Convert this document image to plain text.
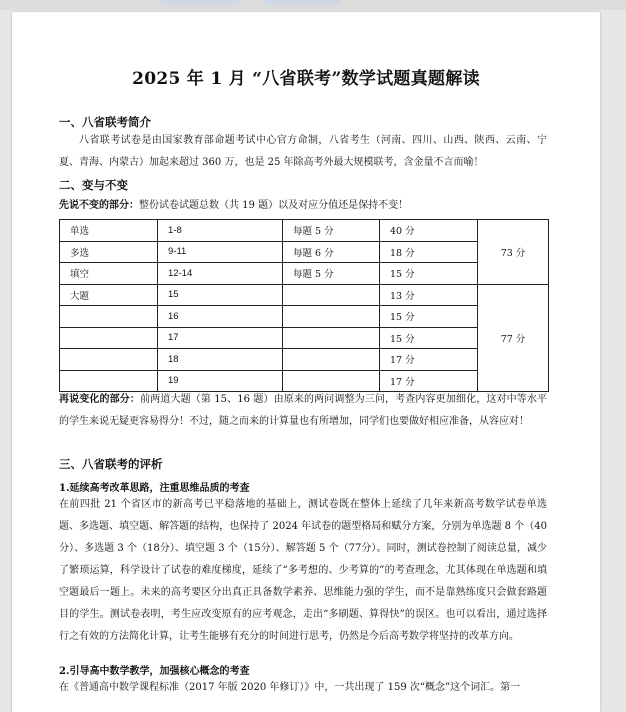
2025 年 1 月 “八省联考”数学试题真题解读
一、八省联考简介
八省联考试卷是由国家教育部命题考试中心官方命制，八省考生（河南、四川、山西、陕西、云南、宁夏、青海、内蒙古）加起来超过 360 万，也是 25 年除高考外最大规模联考，含金量不言而喻！
二、变与不变
先说不变的部分：整份试卷试题总数（共 19 题）以及对应分值还是保持不变！
单选	1-8	每题 5 分	40 分	73 分
多选	9-11	每题 6 分	18 分	
填空	12-14	每题 5 分	15 分	
大题	15		13 分	77 分
	16		15 分	
	17		15 分	
	18		17 分	
	19		17 分	
再说变化的部分：前两道大题（第 15、16 题）由原来的两问调整为三问，考查内容更加细化，这对中等水平的学生来说无疑更容易得分！不过，随之而来的计算量也有所增加，同学们也要做好相应准备，从容应对！
三、八省联考的评析
1.延续高考改革思路，注重思维品质的考查
在前四批 21 个省区市的新高考已平稳落地的基础上，测试卷既在整体上延续了几年来新高考数学试卷单选题、多选题、填空题、解答题的结构，也保持了 2024 年试卷的题型格局和赋分方案，分别为单选题 8 个（40分）、多选题 3 个（18分）、填空题 3 个（15分）、解答题 5 个（77分）。同时，测试卷控制了阅读总量，减少了繁琐运算，科学设计了试卷的难度梯度，延续了“多考想的、少考算的”的考查理念，尤其体现在单选题和填空题最后一题上。未来的高考要区分出真正具备数学素养、思维能力强的学生，而不是靠熟练度只会做套路题目的学生。测试卷表明，考生应改变原有的应考观念，走出“多刷题、算得快”的误区。也可以看出，通过选择行之有效的方法简化计算，让考生能够有充分的时间进行思考，仍然是今后高考数学将坚持的改革方向。
2.引导高中数学教学，加强核心概念的考查
在《普通高中数学课程标准（2017 年版 2020 年修订）》中，一共出现了 159 次“概念”这个词汇。第一
